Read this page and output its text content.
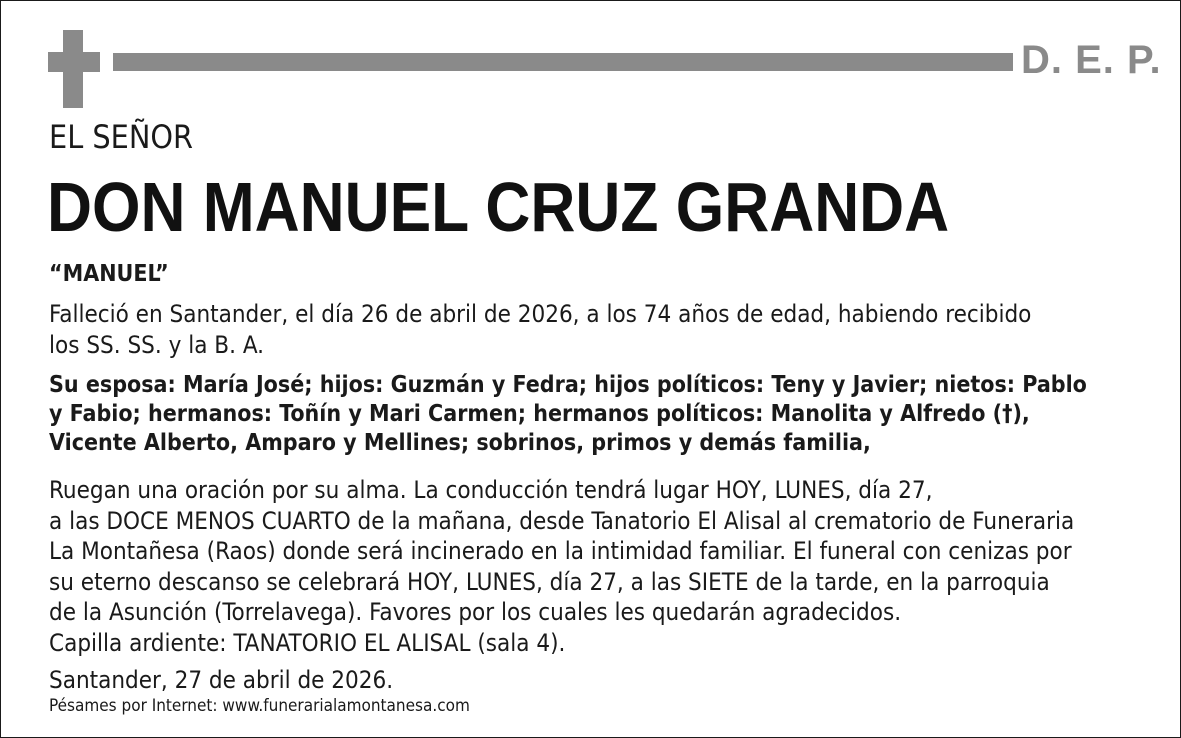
D. E. P.
EL SEÑOR
DON MANUEL CRUZ GRANDA
“MANUEL”
Falleció en Santander, el día 26 de abril de 2026, a los 74 años de edad, habiendo recibido
los SS. SS. y la B. A.
Su esposa: María José; hijos: Guzmán y Fedra; hijos políticos: Teny y Javier; nietos: Pablo
y Fabio; hermanos: Toñín y Mari Carmen; hermanos políticos: Manolita y Alfredo (†),
Vicente Alberto, Amparo y Mellines; sobrinos, primos y demás familia,
Ruegan una oración por su alma. La conducción tendrá lugar HOY, LUNES, día 27,
a las DOCE MENOS CUARTO de la mañana, desde Tanatorio El Alisal al crematorio de Funeraria
La Montañesa (Raos) donde será incinerado en la intimidad familiar. El funeral con cenizas por
su eterno descanso se celebrará HOY, LUNES, día 27, a las SIETE de la tarde, en la parroquia
de la Asunción (Torrelavega). Favores por los cuales les quedarán agradecidos.
Capilla ardiente: TANATORIO EL ALISAL (sala 4).
Santander, 27 de abril de 2026.
Pésames por Internet: www.funerarialamontanesa.com
